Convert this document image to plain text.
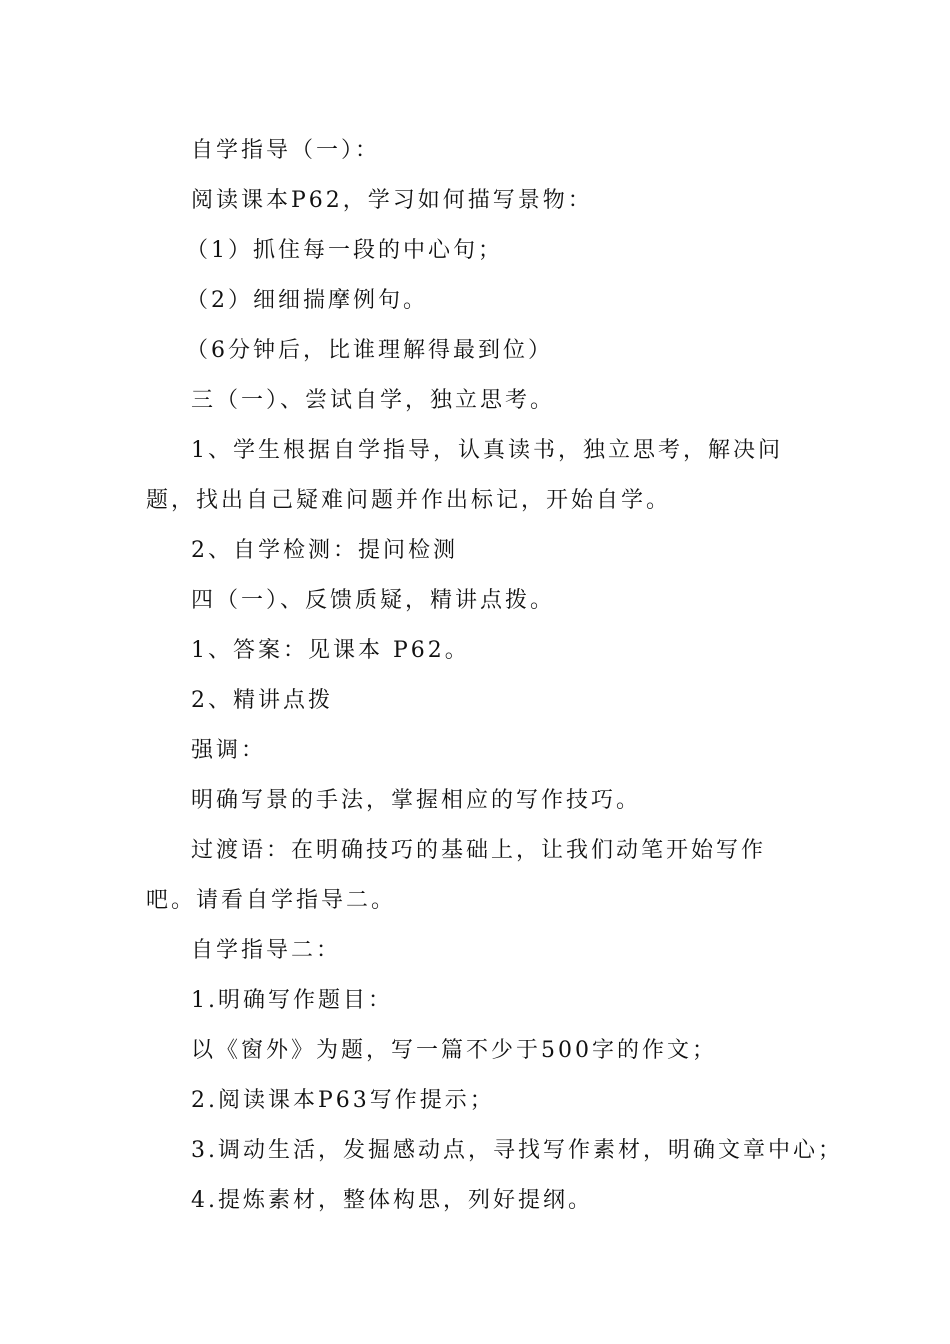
自学指导（一）：

阅读课本P62，学习如何描写景物：

（1）抓住每一段的中心句；

（2）细细揣摩例句。

（6分钟后，比谁理解得最到位）

三（一）、尝试自学，独立思考。

1、学生根据自学指导，认真读书，独立思考，解决问题，找出自己疑难问题并作出标记，开始自学。

2、自学检测：提问检测

四（一）、反馈质疑，精讲点拨。

1、答案：见课本 P62。

2、精讲点拨

强调：

明确写景的手法，掌握相应的写作技巧。

过渡语：在明确技巧的基础上，让我们动笔开始写作吧。请看自学指导二。

自学指导二：

1.明确写作题目：

以《窗外》为题，写一篇不少于500字的作文；

2.阅读课本P63写作提示；

3.调动生活，发掘感动点，寻找写作素材，明确文章中心；

4.提炼素材，整体构思，列好提纲。
